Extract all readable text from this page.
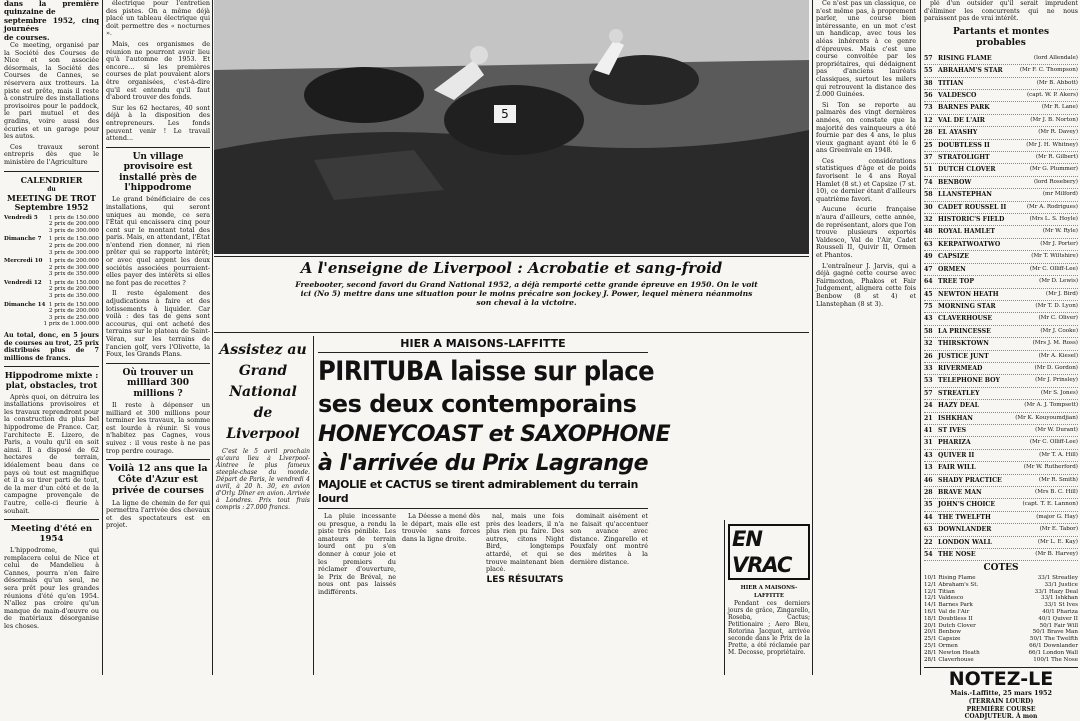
dans la première quinzaine de
septembre 1952, cinq journées
de courses.

Ce meeting, organisé par la Société des Courses de Nice et son associée désormais, la Société des Courses de Cannes, se réservera aux trotteurs. La piste est prête, mais il reste à construire des installations provisoires pour le paddock, le pari mutuel et des gradins, voire aussi des écuries et un garage pour les autos.

Ces travaux seront entrepris dès que le ministère de l'Agriculture

CALENDRIER
du
MEETING DE TROT
Septembre 1952
Vendredi 5 1 prix de 150.000
2 prix de 200.000
3 prix de 300.000
Dimanche 7 1 prix de 150.000
2 prix de 200.000
3 prix de 300.000
Mercredi 10 1 prix de 200.000
2 prix de 300.000
3 prix de 350.000
Vendredi 12 1 prix de 150.000
2 prix de 200.000
3 prix de 350.000
Dimanche 14 1 prix de 150.000
2 prix de 200.000
3 prix de 250.000
1 prix de 1.000.000

Au total, donc, en 5 jours de courses au trot, 25 prix distribués plus de 7 millions de francs.

Hippodrome mixte : plat, obstacles, trot

Après quoi, on détruira les installations provisoires et les travaux reprendront pour la construction du plus bel hippodrome de France. Car, l'architecte E. Lizero, de Paris, a voulu qu'il en soit ainsi. Il a disposé de 62 hectares de terrain, idéalement beau dans ce pays où tout est magnifique et il a su tirer parti de tout, de la mer d'un côté et de la campagne provençale de l'autre, celle-ci fleurie à souhait.

Meeting d'été en 1954

L'hippodrome, qui remplacera celui de Nice et celui de Mandelieu à Cannes, pourra n'en faire désormais qu'un seul, ne sera prêt pour les grandes réunions d'été qu'en 1954. N'allez pas croire qu'un manque de main-d'œuvre ou de matériaux désorganise les choses.

électrique pour l'entretien des pistes. On a même déjà placé un tableau électrique qui doit permettre des « nocturnes ».

Mais, ces organismes de réunion ne pourront avoir lieu qu'à l'automne de 1953. Et encore... si les premières courses de plat pouvaient alors être organisées, c'est-à-dire qu'il est entendu qu'il faut d'abord trouver des fonds.

Sur les 62 hectares, 40 sont déjà à la disposition des entrepreneurs. Les fonds peuvent venir ! Le travail attend...

Un village provisoire est installé près de l'hippodrome

Le grand bénéficiaire de ces installations, qui seront uniques au monde, ce sera l'État qui encaissera cinq pour cent sur le montant total des paris. Mais, en attendant, l'État n'entend rien donner, ni rien prêter qui se rapporte intérêt; or avec quel argent les deux sociétés associées pourraient-elles payer des intérêts si elles ne font pas de recettes ?

Il reste également des adjudications à faire et des lotissements à liquider. Car voilà : des tas de gens sont accourus, qui ont acheté des terrains sur le plateau de Saint-Véran, sur les terrains de l'ancien golf, vers l'Olivette, la Foux, les Grands Plans.

Où trouver un milliard 300 millions ?

Il reste à dépenser un milliard et 300 millions pour terminer les travaux, la somme est lourde à réunir. Si vous n'habitez pas Cagnes, vous suivez : il vous reste à ne pas trop perdre courage.

Voilà 12 ans que la Côte d'Azur est privée de courses

La ligne de chemin de fer qui permettra l'arrivée des chevaux et des spectateurs est en projet.

5
A l'enseigne de Liverpool : Acrobatie et sang-froid
Freebooter, second favori du Grand National 1952, a déjà remporté cette grande épreuve en 1950. On le voit ici (No 5) mettre dans une situation pour le moins précaire son jockey J. Power, lequel mènera néanmoins son cheval à la victoire.
Assistez au
Grand National
de Liverpool

C'est le 5 avril prochain qu'aura lieu à Liverpool-Aintree le plus fameux steeple-chase du monde. Départ de Paris, le vendredi 4 avril, à 20 h. 30, en avion d'Orly. Dîner en avion. Arrivée à Londres. Prix tout frais compris : 27.000 francs.

HIER A MAISONS-LAFFITTE
PIRITUBA laisse sur place
ses deux contemporains
HONEYCOAST et SAXOPHONE
à l'arrivée du Prix Lagrange
MAJOLIE et CACTUS se tirent admirablement du terrain lourd

La pluie incessante ou presque, a rendu la piste très pénible. Les amateurs de terrain lourd ont pu s'en donner à cœur joie et les premiers du réclamer d'ouverture, le Prix de Bréval, ne nous ont pas laissés indifférents.

La Déesse a mené dès le départ, mais elle est trouvée sans forces dans la ligne droite.

nal, mais une fois près des leaders, il n'a plus rien pu faire. Des autres, citons Night Bird, longtemps attardé, et qui se trouve maintenant bien placé.

LES RÉSULTATS

dominait aisément et ne faisait qu'accentuer son avance avec distance. Zingarello et Pouxfaly ont montré des mérites à la dernière distance.

EN VRAC
HIER A MAISONS-LAFFITTE

Pendant ces derniers jours de grâce, Zingarello, Roseba, Cactus; Petitionaire ; Aero Bleu, Rotorina Jacquot, arrivée seconde dans le Prix de la Prette, a été réclamée par M. Decosse, propriétaire.

Ce n'est pas un classique, ce n'est même pas, à proprement parler, une course bien intéressante, en un mot c'est un handicap, avec tous les aléas inhérents à ce genre d'épreuves. Mais c'est une course convoitée par les propriétaires, qui dédaignent pas d'anciens lauréats classiques, surtout les milers qui retrouvent la distance des 2.000 Guinées.

Si Ton se reporte au palmarès des vingt dernières années, on constate que la majorité des vainqueurs a été fournie par des 4 ans, le plus vieux gagnant ayant été le 6 ans Greenvale en 1948.

Ces considérations statistiques d'âge et de poids favorisent le 4 ans Royal Hamlet (8 st.) et Capsize (7 st. 10), ce dernier étant d'ailleurs quatrième favori.

Aucune écurie française n'aura d'ailleurs, cette année, de représentant, alors que l'on trouve plusieurs exportés Valdesco, Val de l'Air, Cadet Rousseli II, Quivir II, Ormen et Phantos.

L'entraîneur J. Jarvis, qui a déjà gagné cette course avec Fairmoxton, Phakos et Fair Judgement, alignera cette fois Benbow (8 st 4) et Llanstephan (8 st 3).

plé d'un outsider qu'il serait imprudent d'éliminer les concurrents qui ne nous paraissent pas de vrai intérêt.

Partants et montes
probables
57 RISING FLAME	(lord Allendale)
55 ABRAHAM'S STAR	(Mr F. C. Thompson)
38 TITIAN	(Mr B. Abbott)
56 VALDESCO	(capt. W. P. Akers)
73 BARNES PARK	(Mr R. Lane)
12 VAL DE L'AIR	(Mr J. B. Norton)
28 EL AYASHY	(Mr R. Davey)
25 DOUBTLESS II	(Mr J. H. Whitney)
37 STRATOLIGHT	(Mr R. Gilbert)
51 DUTCH CLOVER	(Mr G. Plummer)
74 BENBOW	(lord Rosebery)
58 LLANSTEPHAN	(mr Milford)
30 CADET ROUSSEL II	(Mr A. Rodrigues)
32 HISTORIC'S FIELD	(Mrs L. S. Hoyle)
48 ROYAL HAMLET	(Mr W. Ryle)
63 KERPATWOATWO	(Mr J. Porter)
49 CAPSIZE	(Mr T. Wiltshire)
47 ORMEN	(Mr C. Olliff-Lee)
64 TREE TOP	(Mr D. Lewis)
45 NEWTON HEATH	(Mr J. Bird)
75 MORNING STAR	(Mr T. D. Lyon)
43 CLAVERHOUSE	(Mr C. Oliver)
58 LA PRINCESSE	(Mr J. Cooke)
32 THIRSKTOWN	(Mrs J. M. Ross)
26 JUSTICE JUNT	(Mr A. Kiesel)
33 RIVERMEAD	(Mr D. Gordon)
53 TELEPHONE BOY	(Mr J. Prinsley)
57 STREATLEY	(Mr S. Jones)
24 HAZY DEAL	(Mr A. J. Tompsett)
21 ISHKHAN	(Mr K. Kouyoumdjian)
41 ST IVES	(Mr W. Durant)
31 PHARIZA	(Mr C. Olliff-Lee)
43 QUIVER II	(Mr T. A. Hill)
13 FAIR WILL	(Mr W. Rutherford)
46 SHADY PRACTICE	(Mr R. Smith)
28 BRAVE MAN	(Mrs B. C. Hill)
35 JOHN'S CHOICE	(capt. T. E. Lannon)
44 THE TWELFTH	(major G. Hay)
63 DOWNLANDER	(Mr E. Tabor)
22 LONDON WALL	(Mr L. E. Kay)
54 THE NOSE	(Mr B. Harvey)
COTES
10/1 Rising Flame	33/1 Streatley
12/1 Abraham's St.	33/1 Justice
12/1 Titian	33/1 Hazy Deal
12/1 Valdesco	33/1 Ishkhan
14/1 Barnes Park	33/1 St Ives
16/1 Val de l'Air	40/1 Phariza
18/1 Doubtless II	40/1 Quiver II
20/1 Dutch Clover	50/1 Fair Will
20/1 Benbow	50/1 Brave Man
25/1 Capsize	50/1 The Twelfth
25/1 Ormen	66/1 Downlander
28/1 Newton Heath	66/1 London Wall
28/1 Claverhouse	100/1 The Nose
NOTEZ-LE
Mais.-Laffitte, 25 mars 1952
(TERRAIN LOURD)
PREMIÈRE COURSE
COADJUTEUR. À mon
